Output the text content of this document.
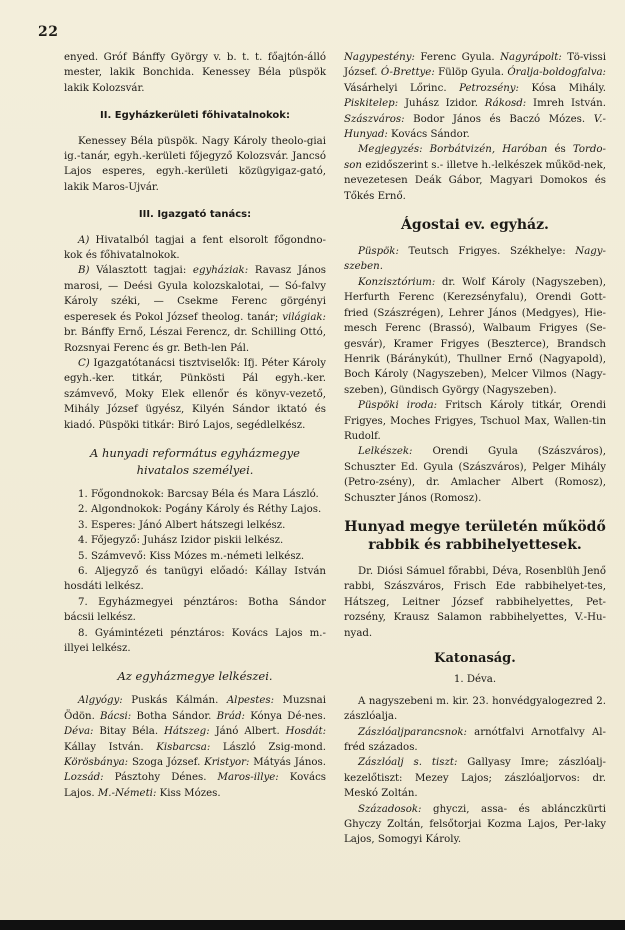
22

enyed. Gróf Bánffy György v. b. t. t. főajtón-álló mester, lakik Bonchida. Kenessey Béla püspök lakik Kolozsvár.

II. Egyházkerületi főhivatalnokok:

Kenessey Béla püspök. Nagy Károly theolo-giai ig.-tanár, egyh.-kerületi főjegyző Kolozsvár. Jancsó Lajos esperes, egyh.-kerületi közügyigaz-gató, lakik Maros-Ujvár.

III. Igazgató tanács:

A) Hivatalból tagjai a fent elsorolt főgondno-kok és főhivatalnokok.

B) Választott tagjai: egyháziak: Ravasz János marosi, — Deési Gyula kolozskalotai, — Só-falvy Károly széki, — Csekme Ferenc görgényi esperesek és Pokol József theolog. tanár; világiak: br. Bánffy Ernő, Lészai Ferencz, dr. Schilling Ottó, Rozsnyai Ferenc és gr. Beth-len Pál.

C) Igazgatótanácsi tisztviselők: Ifj. Péter Károly egyh.-ker. titkár, Pünkösti Pál egyh.-ker. számvevő, Moky Elek ellenőr és könyv-vezető, Mihály József ügyész, Kilyén Sándor iktató és kiadó. Püspöki titkár: Biró Lajos, segédlelkész.

A hunyadi református egyházmegye hivatalos személyei.

1. Főgondnokok: Barcsay Béla és Mara László.

2. Algondnokok: Pogány Károly és Réthy Lajos.

3. Esperes: Jánó Albert hátszegi lelkész.

4. Főjegyző: Juhász Izidor piskii lelkész.

5. Számvevő: Kiss Mózes m.-németi lelkész.

6. Aljegyző és tanügyi előadó: Kállay István hosdáti lelkész.

7. Egyházmegyei pénztáros: Botha Sándor bácsii lelkész.

8. Gyámintézeti pénztáros: Kovács Lajos m.-illyei lelkész.

Az egyházmegye lelkészei.

Algyógy: Puskás Kálmán. Alpestes: Muzsnai Ödön. Bácsi: Botha Sándor. Brád: Kónya Dé-nes. Déva: Bitay Béla. Hátszeg: Jánó Albert. Hosdát: Kállay István. Kisbarcsa: László Zsig-mond. Körösbánya: Szoga József. Kristyor: Mátyás János. Lozsád: Pásztohy Dénes. Maros-illye: Kovács Lajos. M.-Németi: Kiss Mózes.

Nagypestény: Ferenc Gyula. Nagyrápolt: Tö-vissi József. Ó-Brettye: Fülöp Gyula. Óralja-boldogfalva: Vásárhelyi Lőrinc. Petrozsény: Kósa Mihály. Piskitelep: Juhász Izidor. Rákosd: Imreh István. Szászváros: Bodor János és Baczó Mózes. V.-Hunyad: Kovács Sándor.

Megjegyzés: Borbátvizén, Haróban és Tordo-son ezidőszerint s.- illetve h.-lelkészek működ-nek, nevezetesen Deák Gábor, Magyari Domokos és Tőkés Ernő.

Ágostai ev. egyház.

Püspök: Teutsch Frigyes. Székhelye: Nagy-szeben.

Konzisztórium: dr. Wolf Károly (Nagyszeben), Herfurth Ferenc (Kerezsényfalu), Orendi Gott-fried (Szászrégen), Lehrer János (Medgyes), Hie-mesch Ferenc (Brassó), Walbaum Frigyes (Se-gesvár), Kramer Frigyes (Beszterce), Brandsch Henrik (Báránykút), Thullner Ernő (Nagyapold), Boch Károly (Nagyszeben), Melcer Vilmos (Nagy-szeben), Gündisch György (Nagyszeben).

Püspöki iroda: Fritsch Károly titkár, Orendi Frigyes, Moches Frigyes, Tschuol Max, Wallen-tin Rudolf.

Lelkészek: Orendi Gyula (Szászváros), Schuszter Ed. Gyula (Szászváros), Pelger Mihály (Petro-zsény), dr. Amlacher Albert (Romosz), Schuszter János (Romosz).

Hunyad megye területén működő rabbik és rabbihelyettesek.

Dr. Diósi Sámuel főrabbi, Déva, Rosenblüh Jenő rabbi, Szászváros, Frisch Ede rabbihelyet-tes, Hátszeg, Leitner József rabbihelyettes, Pet-rozsény, Krausz Salamon rabbihelyettes, V.-Hu-nyad.

Katonaság.
1. Déva.

A nagyszebeni m. kir. 23. honvédgyalogezred 2. zászlóalja.

Zászlóaljparancsnok: arnótfalvi Arnotfalvy Al-fréd százados.

Zászlóalj s. tiszt: Gallyasy Imre; zászlóalj-kezelőtiszt: Mezey Lajos; zászlóaljorvos: dr. Meskó Zoltán.

Századosok: ghyczi, assa- és ablánczkürti Ghyczy Zoltán, felsőtorjai Kozma Lajos, Per-laky Lajos, Somogyi Károly.
